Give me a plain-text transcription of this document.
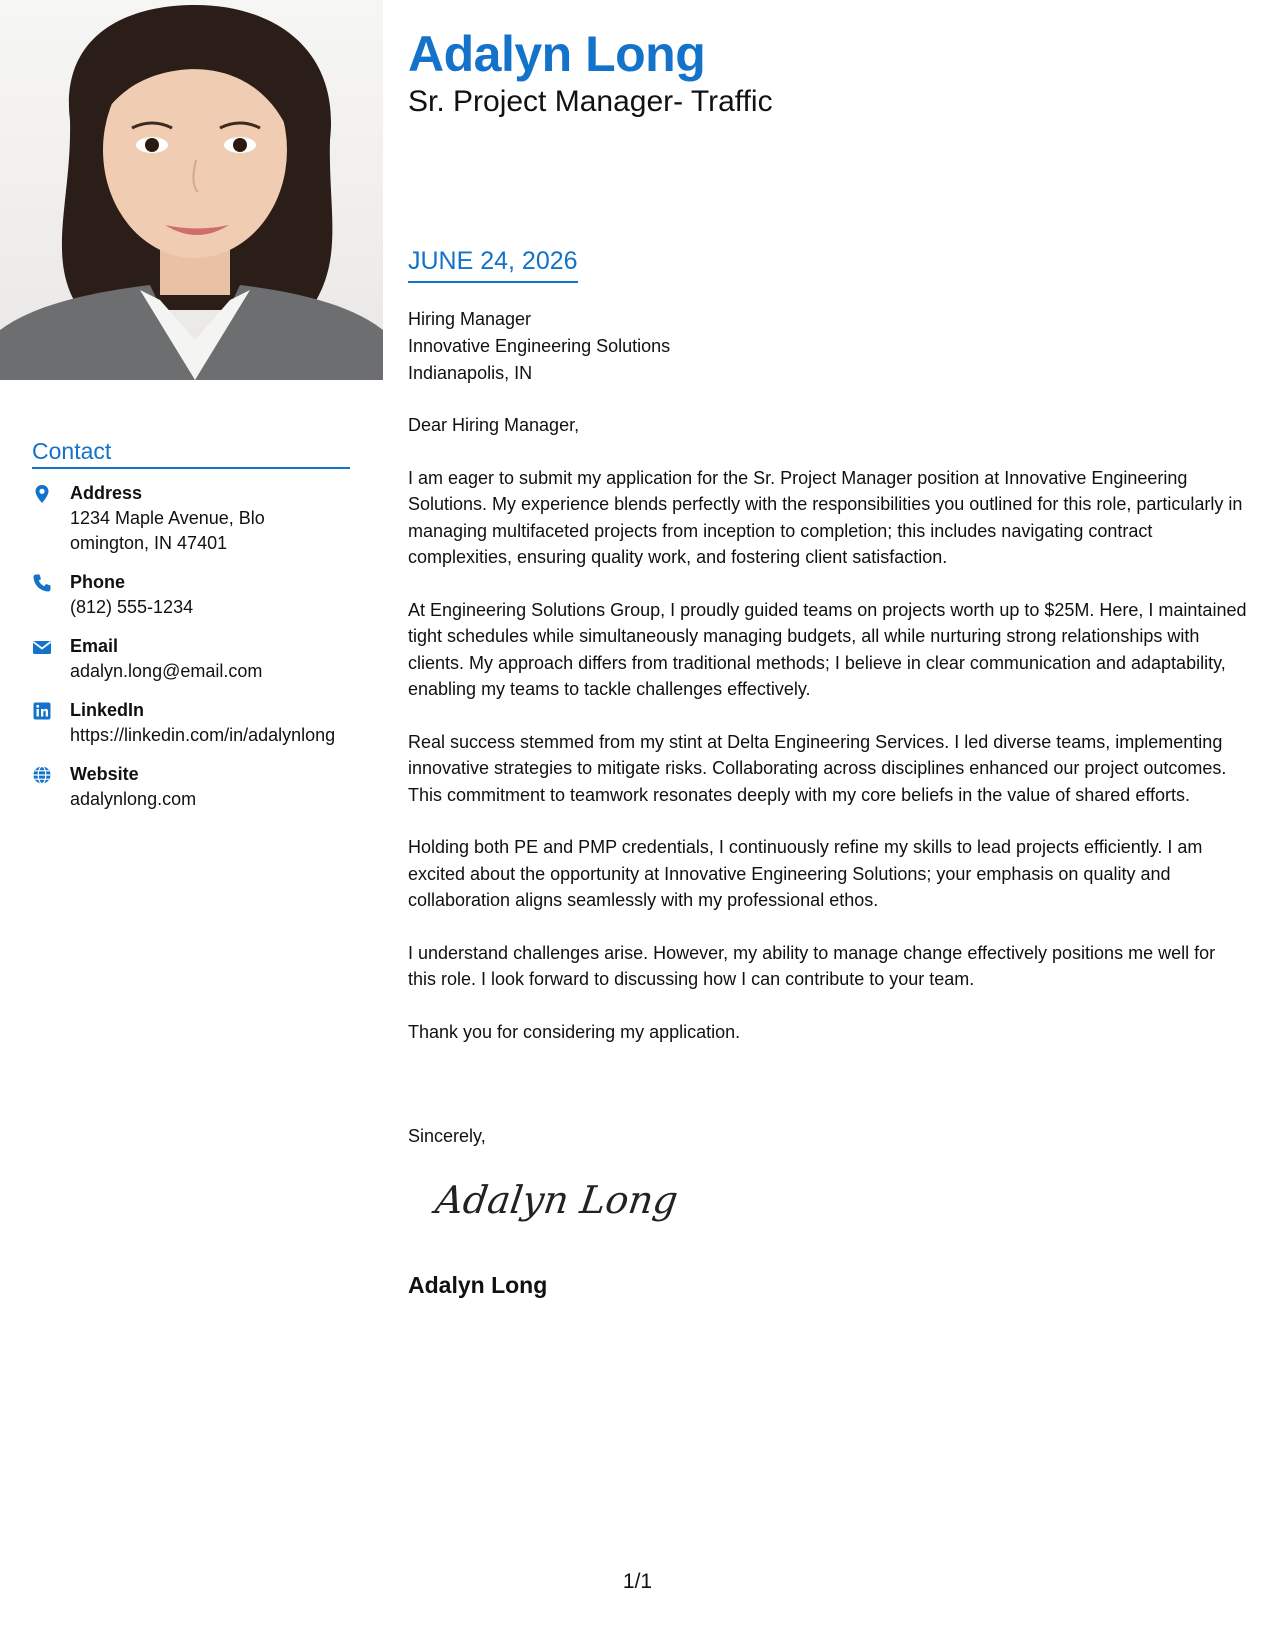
Contact
Address
1234 Maple Avenue, Bloomington, IN 47401
Phone
(812) 555-1234
Email
adalyn.long@email.com
LinkedIn
https://linkedin.com/in/adalynlong
Website
adalynlong.com
Adalyn Long
Sr. Project Manager- Traffic
JUNE 24, 2026
Hiring Manager
Innovative Engineering Solutions
Indianapolis, IN

Dear Hiring Manager,

I am eager to submit my application for the Sr. Project Manager position at Innovative Engineering Solutions. My experience blends perfectly with the responsibilities you outlined for this role, particularly in managing multifaceted projects from inception to completion; this includes navigating contract complexities, ensuring quality work, and fostering client satisfaction.

At Engineering Solutions Group, I proudly guided teams on projects worth up to $25M. Here, I maintained tight schedules while simultaneously managing budgets, all while nurturing strong relationships with clients. My approach differs from traditional methods; I believe in clear communication and adaptability, enabling my teams to tackle challenges effectively.

Real success stemmed from my stint at Delta Engineering Services. I led diverse teams, implementing innovative strategies to mitigate risks. Collaborating across disciplines enhanced our project outcomes. This commitment to teamwork resonates deeply with my core beliefs in the value of shared efforts.

Holding both PE and PMP credentials, I continuously refine my skills to lead projects efficiently. I am excited about the opportunity at Innovative Engineering Solutions; your emphasis on quality and collaboration aligns seamlessly with my professional ethos.

I understand challenges arise. However, my ability to manage change effectively positions me well for this role. I look forward to discussing how I can contribute to your team.

Thank you for considering my application.

Sincerely,
Adalyn Long
Adalyn Long
1/1
